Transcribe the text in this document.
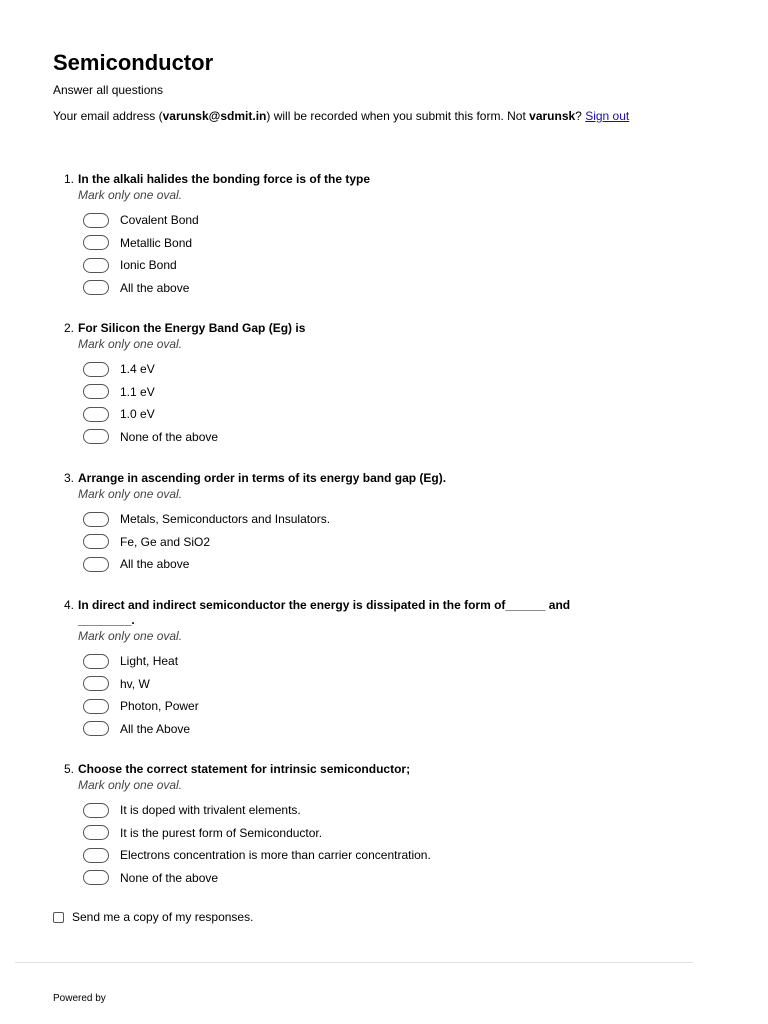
Semiconductor
Answer all questions
Your email address (varunsk@sdmit.in) will be recorded when you submit this form. Not varunsk? Sign out
1. In the alkali halides the bonding force is of the type
Mark only one oval.
Covalent Bond
Metallic Bond
Ionic Bond
All the above
2. For Silicon the Energy Band Gap (Eg) is
Mark only one oval.
1.4 eV
1.1 eV
1.0 eV
None of the above
3. Arrange in ascending order in terms of its energy band gap (Eg).
Mark only one oval.
Metals, Semiconductors and Insulators.
Fe, Ge and SiO2
All the above
4. In direct and indirect semiconductor the energy is dissipated in the form of______ and ________.
Mark only one oval.
Light, Heat
hv, W
Photon, Power
All the Above
5. Choose the correct statement for intrinsic semiconductor;
Mark only one oval.
It is doped with trivalent elements.
It is the purest form of Semiconductor.
Electrons concentration is more than carrier concentration.
None of the above
Send me a copy of my responses.
Powered by
